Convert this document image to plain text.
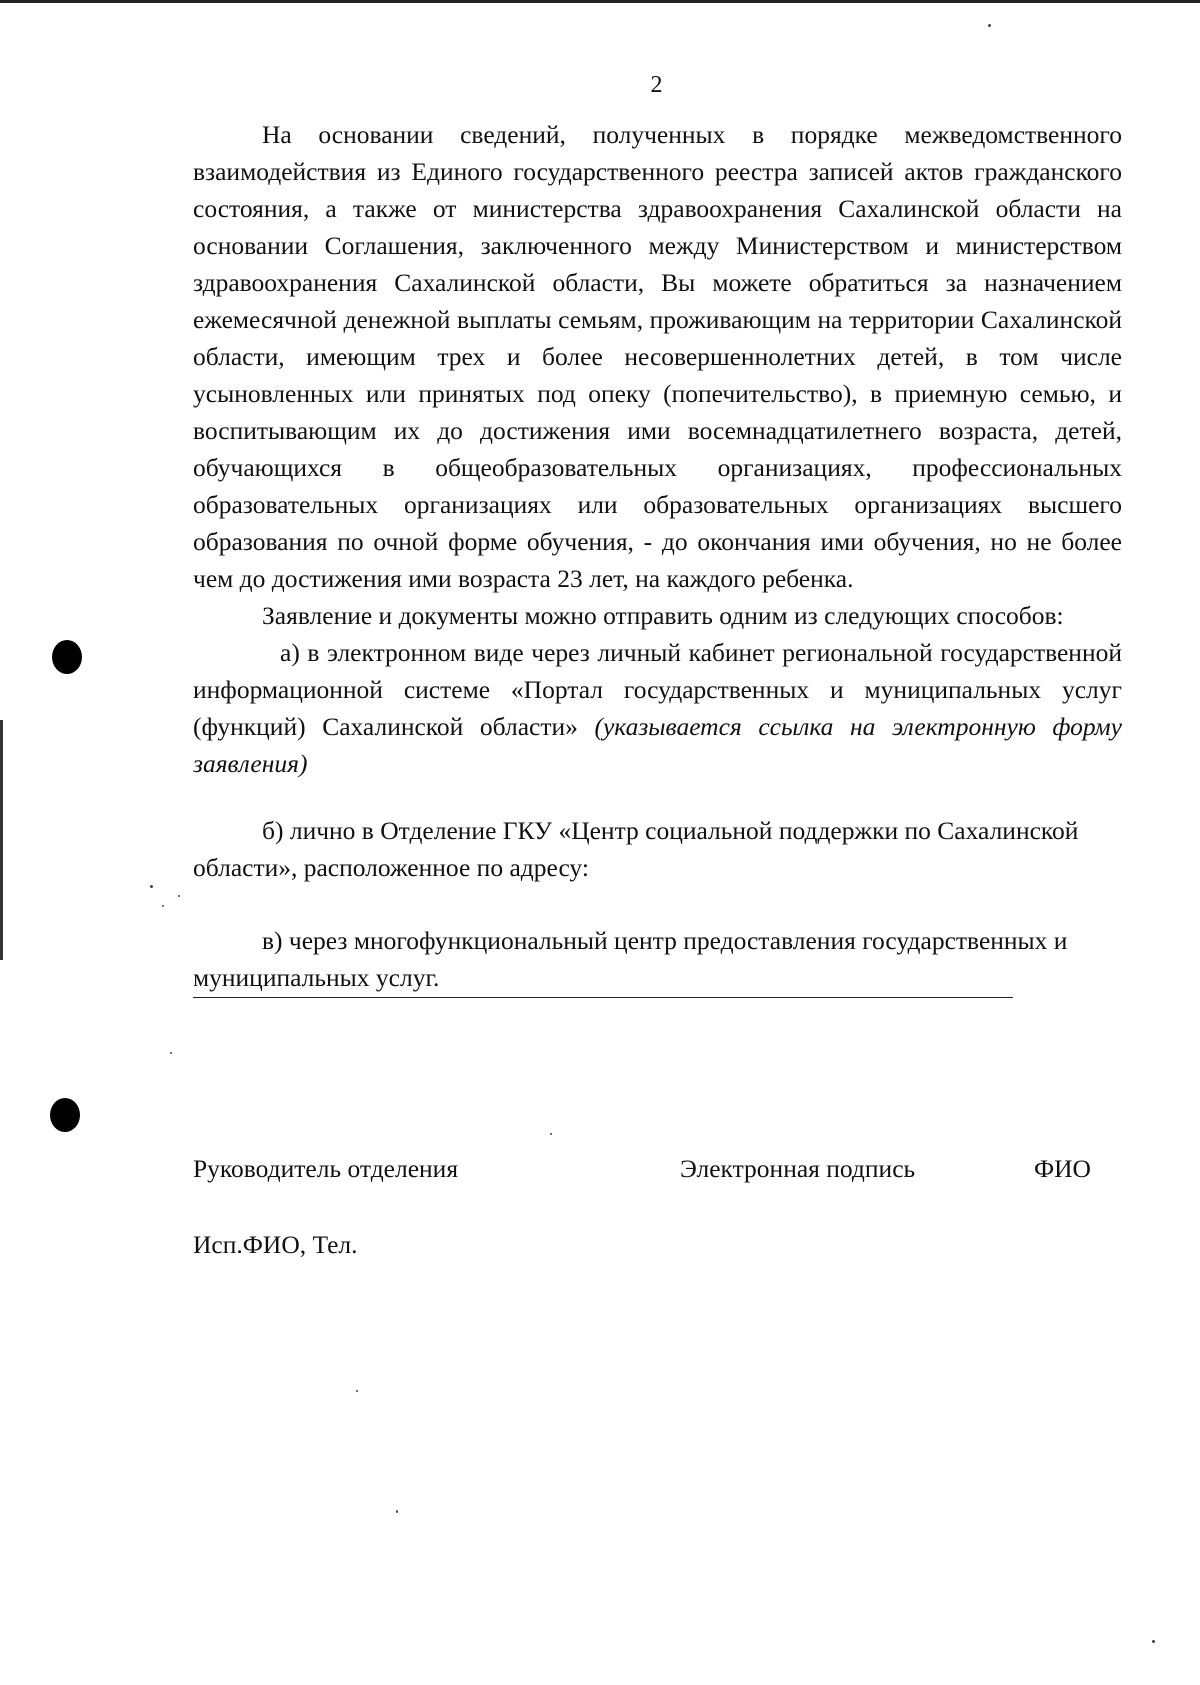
2

На основании сведений, полученных в порядке межведомственного взаимодействия из Единого государственного реестра записей актов гражданского состояния, а также от министерства здравоохранения Сахалинской области на основании Соглашения, заключенного между Министерством и министерством здравоохранения Сахалинской области, Вы можете обратиться за назначением ежемесячной денежной выплаты семьям, проживающим на территории Сахалинской области, имеющим трех и более несовершеннолетних детей, в том числе усыновленных или принятых под опеку (попечительство), в приемную семью, и воспитывающим их до достижения ими восемнадцатилетнего возраста, детей, обучающихся в общеобразовательных организациях, профессиональных образовательных организациях или образовательных организациях высшего образования по очной форме обучения, - до окончания ими обучения, но не более чем до достижения ими возраста 23 лет, на каждого ребенка.

Заявление и документы можно отправить одним из следующих способов:

а) в электронном виде через личный кабинет региональной государственной информационной системе «Портал государственных и муниципальных услуг (функций) Сахалинской области» (указывается ссылка на электронную форму заявления)

б) лично в Отделение ГКУ «Центр социальной поддержки по Сахалинской области», расположенное по адресу:

в) через многофункциональный центр предоставления государственных и муниципальных услуг.

Руководитель отделения	Электронная подпись	ФИО
Исп.ФИО, Тел.
